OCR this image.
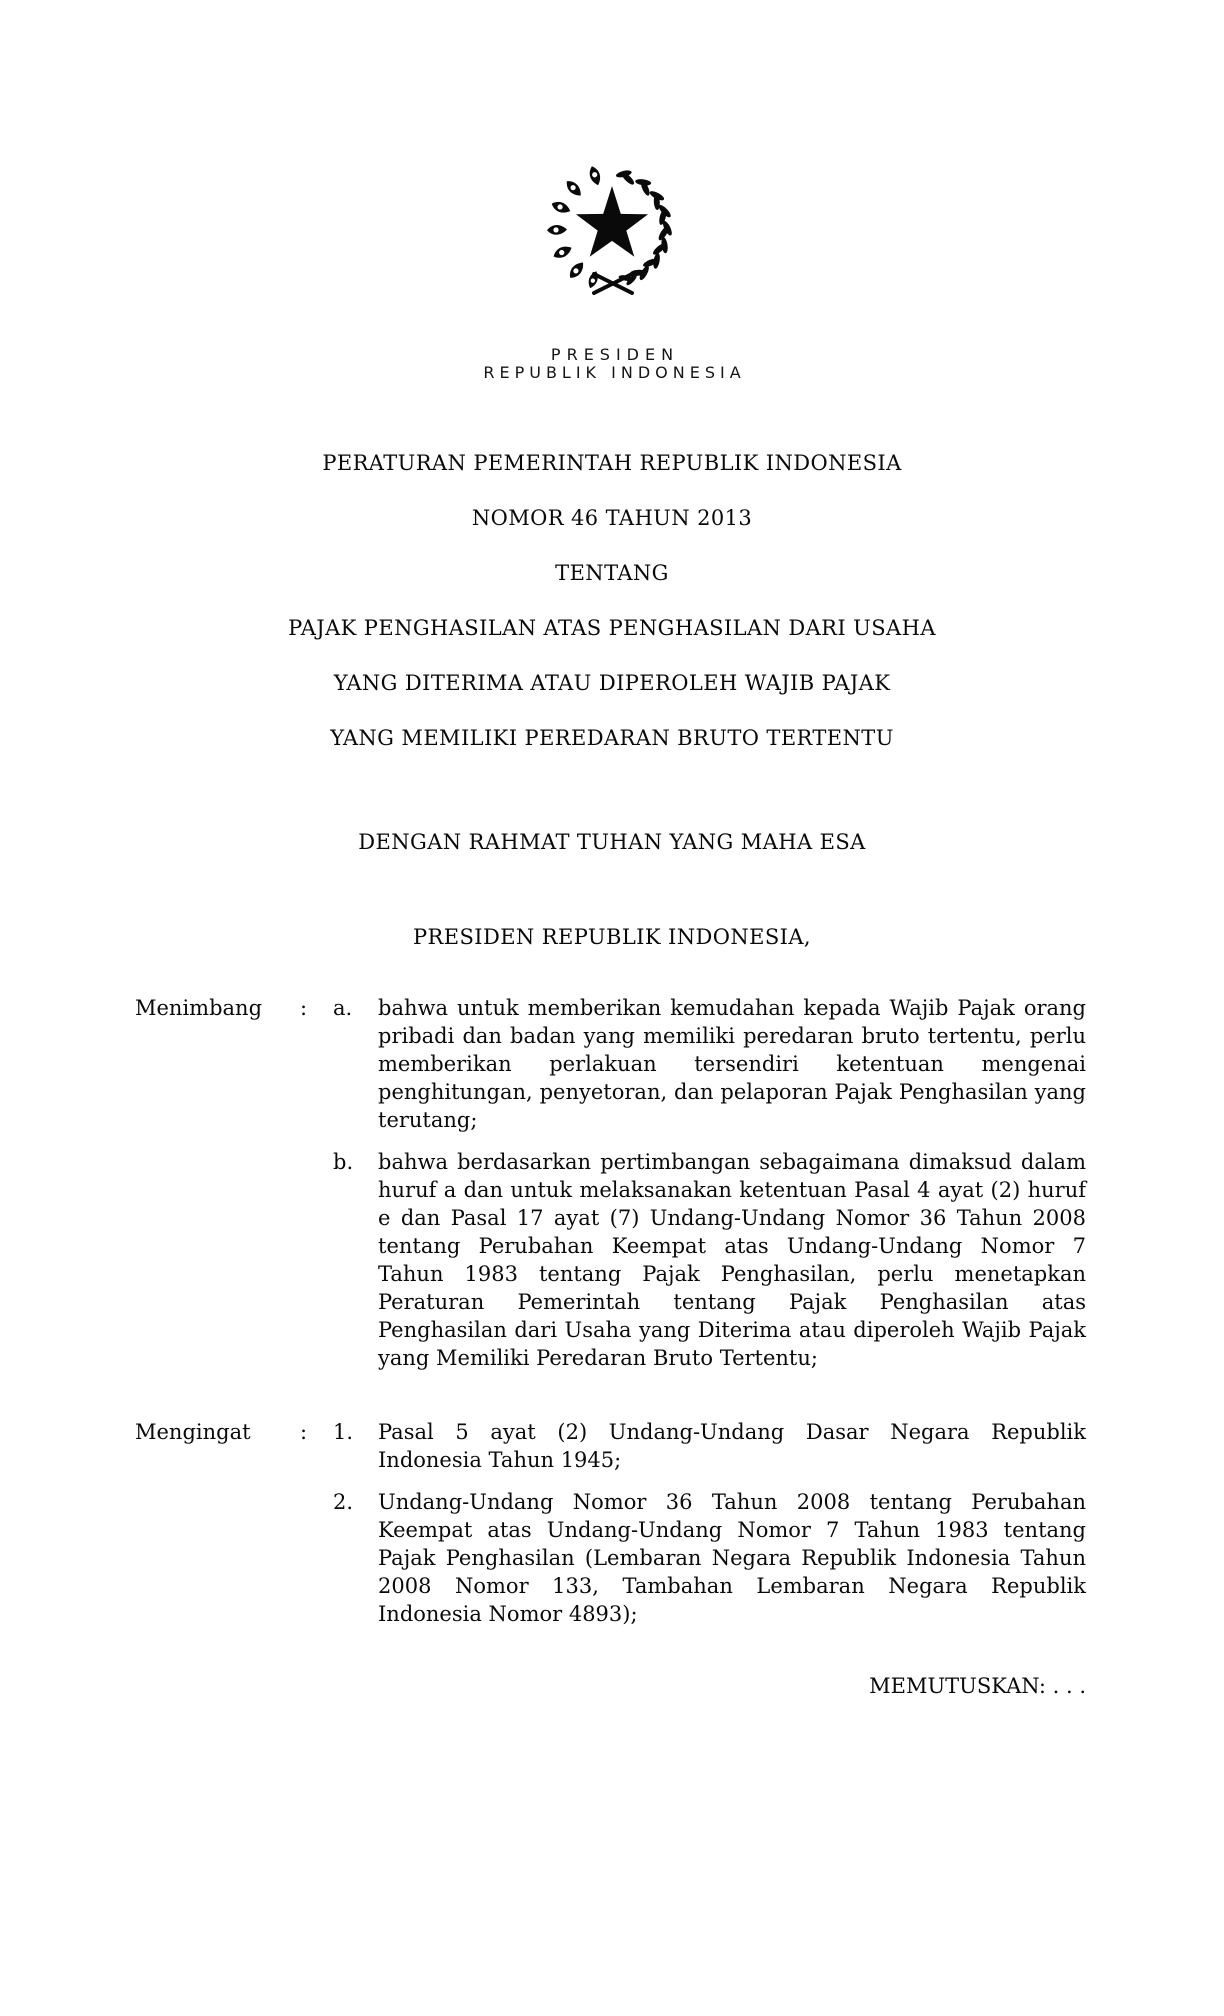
PRESIDEN
REPUBLIK INDONESIA
PERATURAN PEMERINTAH REPUBLIK INDONESIA
NOMOR 46 TAHUN 2013
TENTANG
PAJAK PENGHASILAN ATAS PENGHASILAN DARI USAHA
YANG DITERIMA ATAU DIPEROLEH WAJIB PAJAK
YANG MEMILIKI PEREDARAN BRUTO TERTENTU
DENGAN RAHMAT TUHAN YANG MAHA ESA
PRESIDEN REPUBLIK INDONESIA,
Menimbang	:	a.	bahwa untuk memberikan kemudahan kepada Wajib Pajak orang pribadi dan badan yang memiliki peredaran bruto tertentu, perlu memberikan perlakuan tersendiri ketentuan mengenai penghitungan, penyetoran, dan pelaporan Pajak Penghasilan yang terutang;

b.	bahwa berdasarkan pertimbangan sebagaimana dimaksud dalam huruf a dan untuk melaksanakan ketentuan Pasal 4 ayat (2) huruf e dan Pasal 17 ayat (7) Undang-Undang Nomor 36 Tahun 2008 tentang Perubahan Keempat atas Undang-Undang Nomor 7 Tahun 1983 tentang Pajak Penghasilan, perlu menetapkan Peraturan Pemerintah tentang Pajak Penghasilan atas Penghasilan dari Usaha yang Diterima atau diperoleh Wajib Pajak yang Memiliki Peredaran Bruto Tertentu;

Mengingat	:	1.	Pasal 5 ayat (2) Undang-Undang Dasar Negara Republik Indonesia Tahun 1945;

2.	Undang-Undang Nomor 36 Tahun 2008 tentang Perubahan Keempat atas Undang-Undang Nomor 7 Tahun 1983 tentang Pajak Penghasilan (Lembaran Negara Republik Indonesia Tahun 2008 Nomor 133, Tambahan Lembaran Negara Republik Indonesia Nomor 4893);

MEMUTUSKAN: . . .
